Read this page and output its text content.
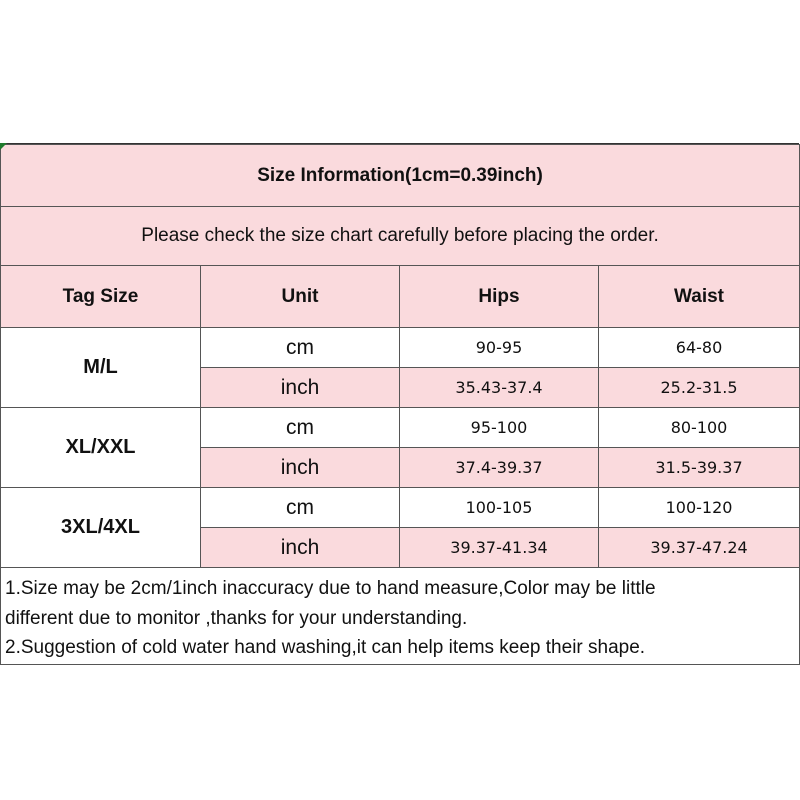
Size Information(1cm=0.39inch)			
Please check the size chart carefully before placing the order.			
Tag Size	Unit	Hips	Waist
M/L	cm	90-95	64-80
	inch	35.43-37.4	25.2-31.5
XL/XXL	cm	95-100	80-100
	inch	37.4-39.37	31.5-39.37
3XL/4XL	cm	100-105	100-120
	inch	39.37-41.34	39.37-47.24

1.Size may be 2cm/1inch inaccuracy due to hand measure,Color may be little
different due to monitor ,thanks for your understanding.
2.Suggestion of cold water hand washing,it can help items keep their shape.			
